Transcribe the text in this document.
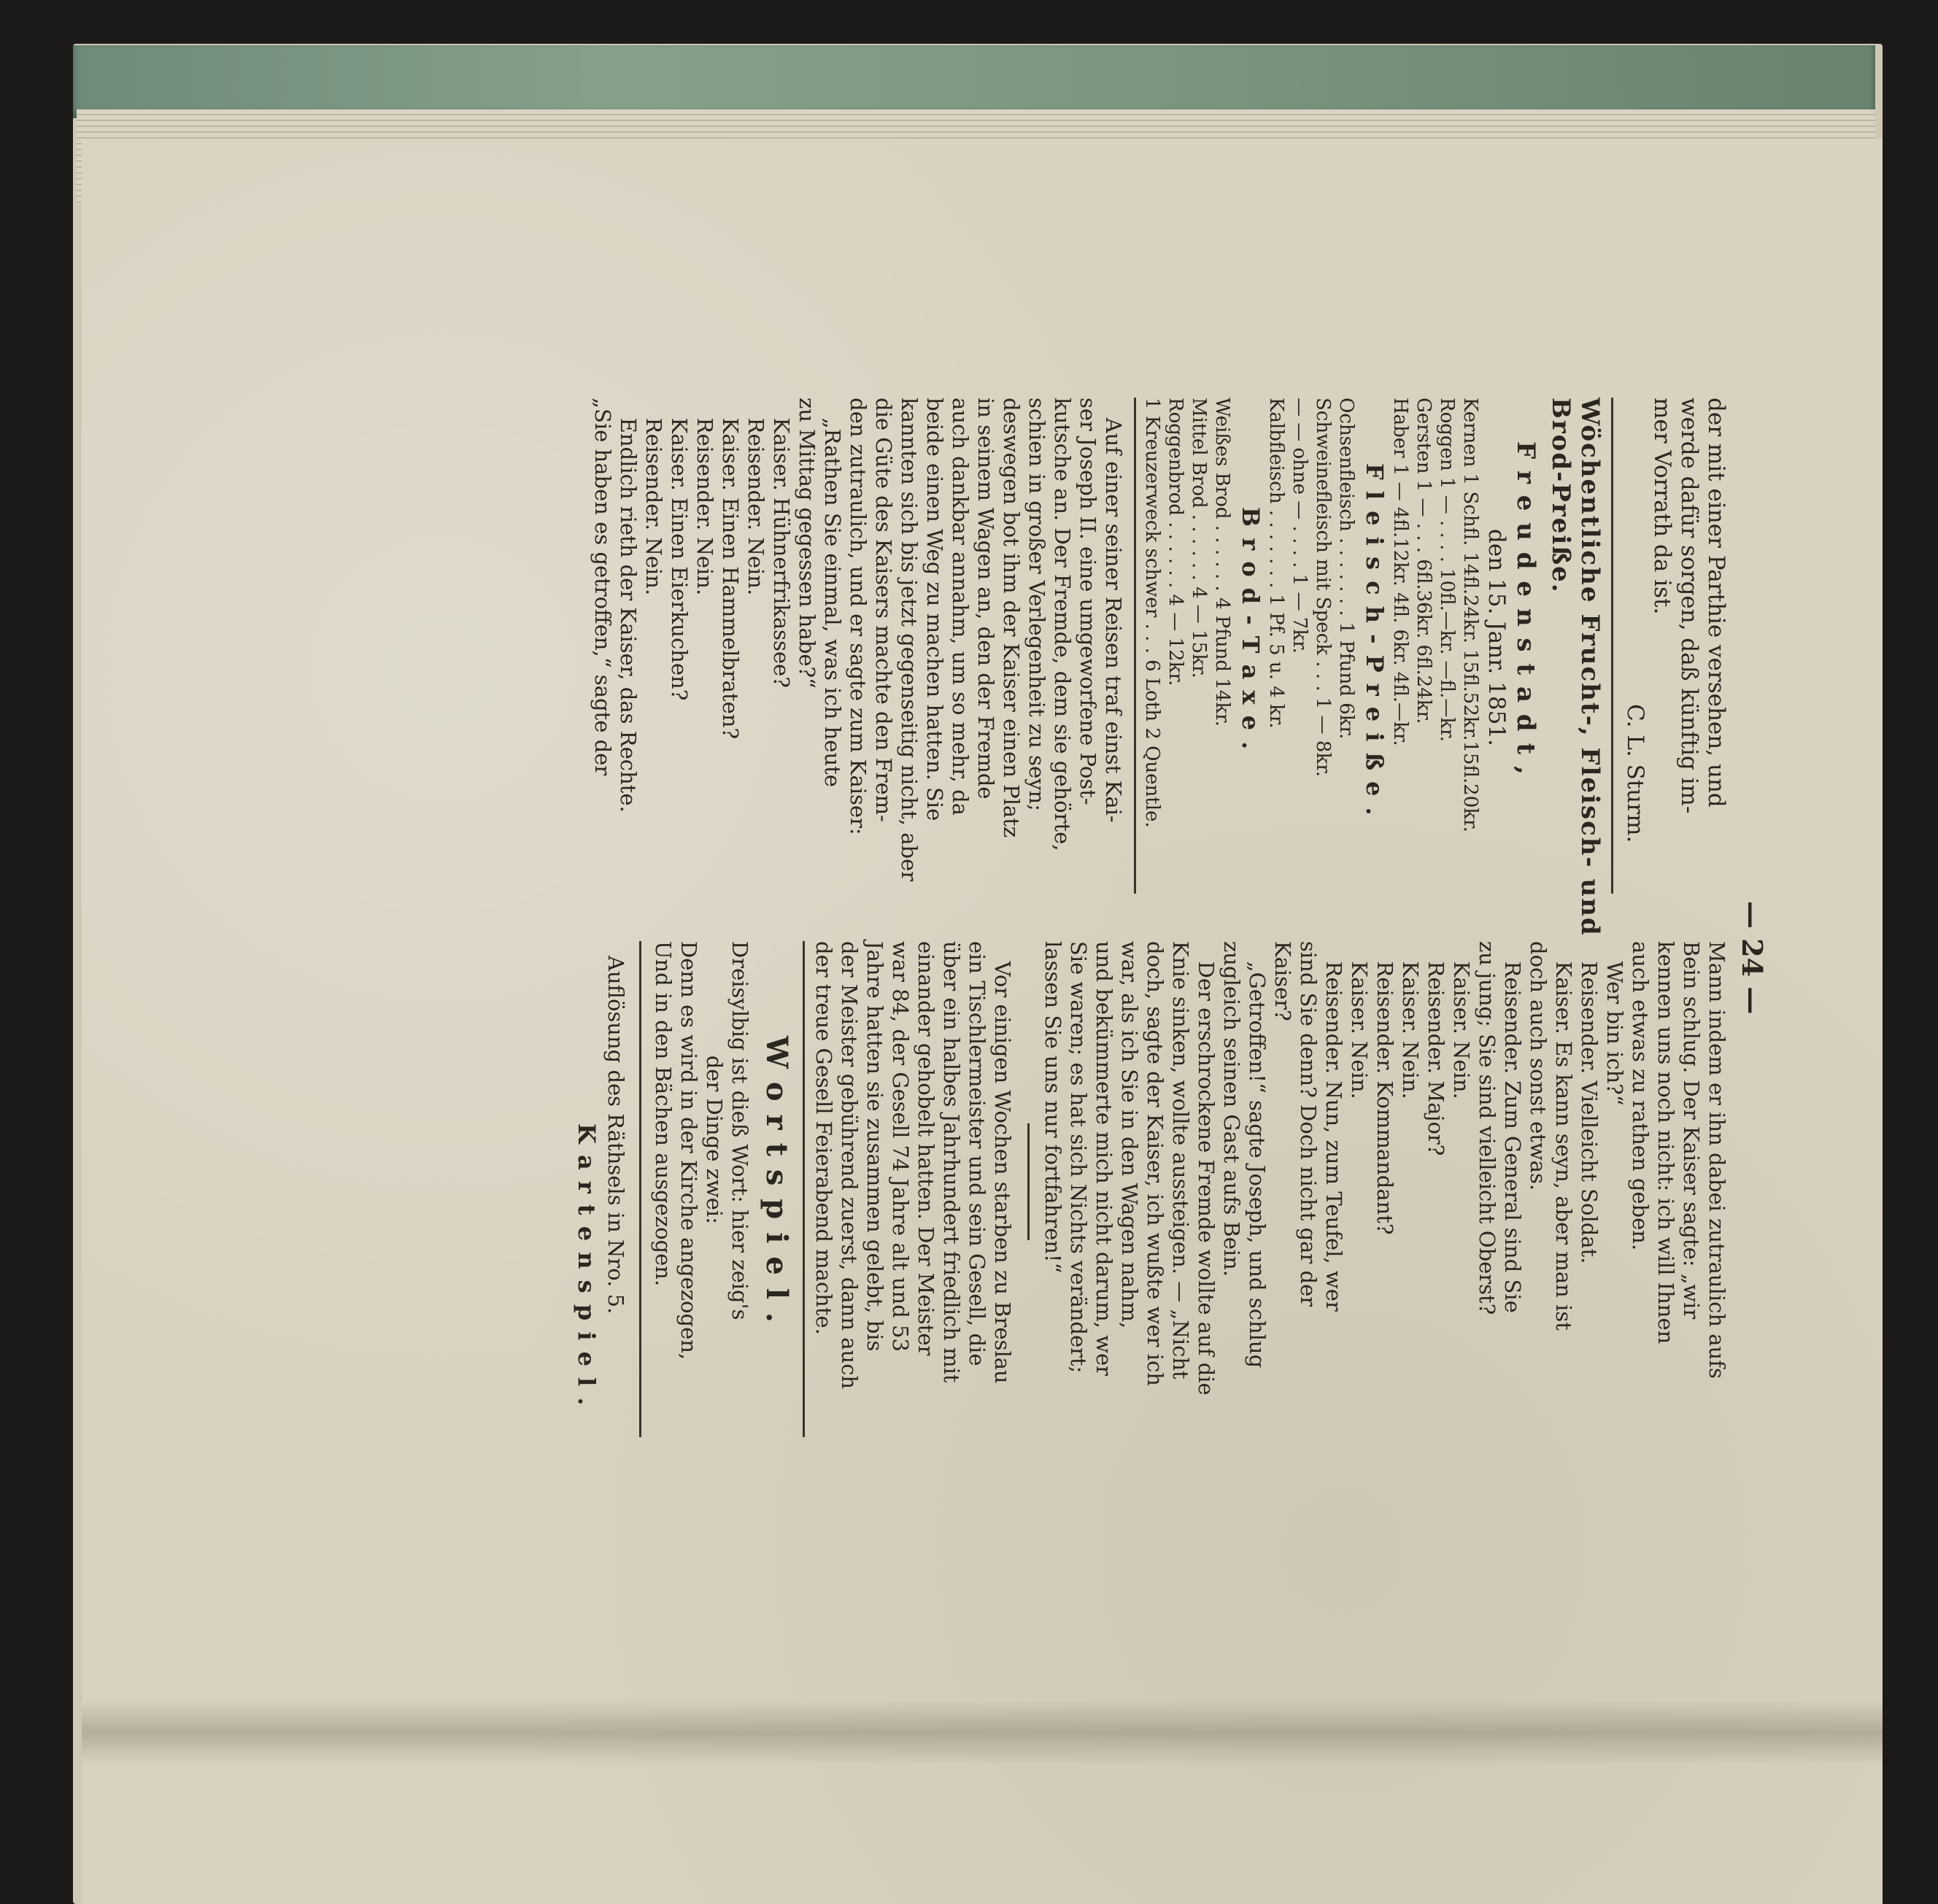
— 24 —
der mit einer Parthie versehen, und
werde dafür sorgen, daß künftig im-
mer Vorrath da ist.
C. L. Sturm.
Wöchentliche Frucht-, Fleisch- und
Brod-Preiße.
F r e u d e n s t a d t ,
den 15. Janr. 1851.
Kernen 1 Schfl. 14fl.24kr. 15fl.52kr.15fl.20kr.
Roggen 1 — . . . . 10fl.—kr. —fl.—kr.
Gersten 1 — . . . 6fl.36kr. 6fl.24kr.
Haber 1 — 4fl.12kr. 4fl. 6kr. 4fl.—kr.
F l e i s c h - P r e i ß e .
Ochsenfleisch . . . . . . . 1 Pfund 6kr.
Schweinefleisch mit Speck . . . 1 — 8kr.
— — ohne — . . . . 1 — 7kr.
Kalbfleisch . . . . . . . 1 Pf. 5 u. 4 kr.
B r o d - T a x e .
Weißes Brod . . . . . . 4 Pfund 14kr.
Mittel Brod . . . . . . 4 — 15kr.
Roggenbrod . . . . . . 4 — 12kr.
1 Kreuzerweck schwer . . . 6 Loth 2 Quentle.
Auf einer seiner Reisen traf einst Kai-
ser Joseph II. eine umgeworfene Post-
kutsche an. Der Fremde, dem sie gehörte,
schien in großer Verlegenheit zu seyn;
deswegen bot ihm der Kaiser einen Platz
in seinem Wagen an, den der Fremde
auch dankbar annahm, um so mehr, da
beide einen Weg zu machen hatten. Sie
kannten sich bis jetzt gegenseitig nicht, aber
die Güte des Kaisers machte den Frem-
den zutraulich, und er sagte zum Kaiser:
„Rathen Sie einmal, was ich heute
zu Mittag gegessen habe?“
Kaiser. Hühnerfrikassee?
Reisender. Nein.
Kaiser. Einen Hammelbraten?
Reisender. Nein.
Kaiser. Einen Eierkuchen?
Reisender. Nein.
Endlich rieth der Kaiser, das Rechte.
„Sie haben es getroffen,“ sagte der
Mann indem er ihn dabei zutraulich aufs
Bein schlug. Der Kaiser sagte: „wir
kennen uns noch nicht: ich will Ihnen
auch etwas zu rathen geben.
Wer bin ich?“
Reisender. Vielleicht Soldat.
Kaiser. Es kann seyn, aber man ist
doch auch sonst etwas.
Reisender. Zum General sind Sie
zu jung; Sie sind vielleicht Oberst?
Kaiser. Nein.
Reisender. Major?
Kaiser. Nein.
Reisender. Kommandant?
Kaiser. Nein.
Reisender. Nun, zum Teufel, wer
sind Sie denn? Doch nicht gar der
Kaiser?
„Getroffen!“ sagte Joseph, und schlug
zugleich seinen Gast aufs Bein.
Der erschrockene Fremde wollte auf die
Knie sinken, wollte aussteigen. — „Nicht
doch, sagte der Kaiser, ich wußte wer ich
war, als ich Sie in den Wagen nahm,
und bekümmerte mich nicht darum, wer
Sie waren; es hat sich Nichts verändert;
lassen Sie uns nur fortfahren!“
Vor einigen Wochen starben zu Breslau
ein Tischlermeister und sein Gesell, die
über ein halbes Jahrhundert friedlich mit
einander gehobelt hatten. Der Meister
war 84, der Gesell 74 Jahre alt und 53
Jahre hatten sie zusammen gelebt, bis
der Meister gebührend zuerst, dann auch
der treue Gesell Feierabend machte.
W o r t s p i e l .
Dreisylbig ist dieß Wort: hier zeig's
der Dinge zwei:
Denn es wird in der Kirche angezogen,
Und in den Bächen ausgezogen.
Auflösung des Räthsels in Nro. 5.
K a r t e n s p i e l .
